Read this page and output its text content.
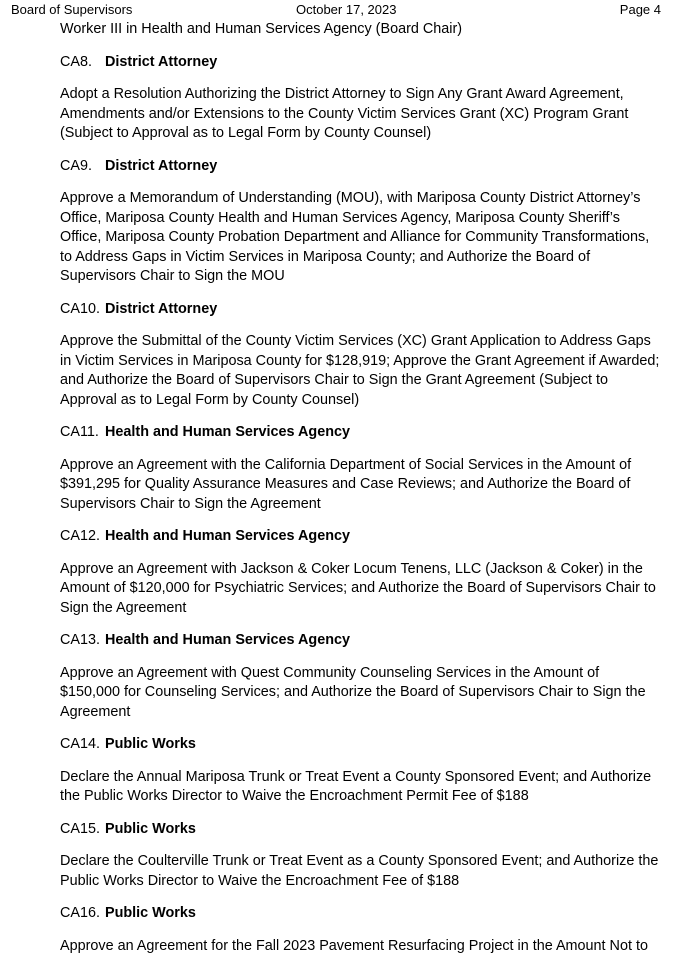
Board of Supervisors	October 17, 2023	Page 4
Worker III in Health and Human Services Agency (Board Chair)
CA8. District Attorney
Adopt a Resolution Authorizing the District Attorney to Sign Any Grant Award Agreement, Amendments and/or Extensions to the County Victim Services Grant (XC) Program Grant (Subject to Approval as to Legal Form by County Counsel)
CA9. District Attorney
Approve a Memorandum of Understanding (MOU), with Mariposa County District Attorney’s Office, Mariposa County Health and Human Services Agency, Mariposa County Sheriff’s Office, Mariposa County Probation Department and Alliance for Community Transformations, to Address Gaps in Victim Services in Mariposa County; and Authorize the Board of Supervisors Chair to Sign the MOU
CA10. District Attorney
Approve the Submittal of the County Victim Services (XC) Grant Application to Address Gaps in Victim Services in Mariposa County for $128,919; Approve the Grant Agreement if Awarded; and Authorize the Board of Supervisors Chair to Sign the Grant Agreement (Subject to Approval as to Legal Form by County Counsel)
CA11. Health and Human Services Agency
Approve an Agreement with the California Department of Social Services in the Amount of $391,295 for Quality Assurance Measures and Case Reviews; and Authorize the Board of Supervisors Chair to Sign the Agreement
CA12. Health and Human Services Agency
Approve an Agreement with Jackson & Coker Locum Tenens, LLC (Jackson & Coker) in the Amount of $120,000 for Psychiatric Services; and Authorize the Board of Supervisors Chair to Sign the Agreement
CA13. Health and Human Services Agency
Approve an Agreement with Quest Community Counseling Services in the Amount of $150,000 for Counseling Services; and Authorize the Board of Supervisors Chair to Sign the Agreement
CA14. Public Works
Declare the Annual Mariposa Trunk or Treat Event a County Sponsored Event; and Authorize the Public Works Director to Waive the Encroachment Permit Fee of $188
CA15. Public Works
Declare the Coulterville Trunk or Treat Event as a County Sponsored Event; and Authorize the Public Works Director to Waive the Encroachment Fee of $188
CA16. Public Works
Approve an Agreement for the Fall 2023 Pavement Resurfacing Project in the Amount Not to
